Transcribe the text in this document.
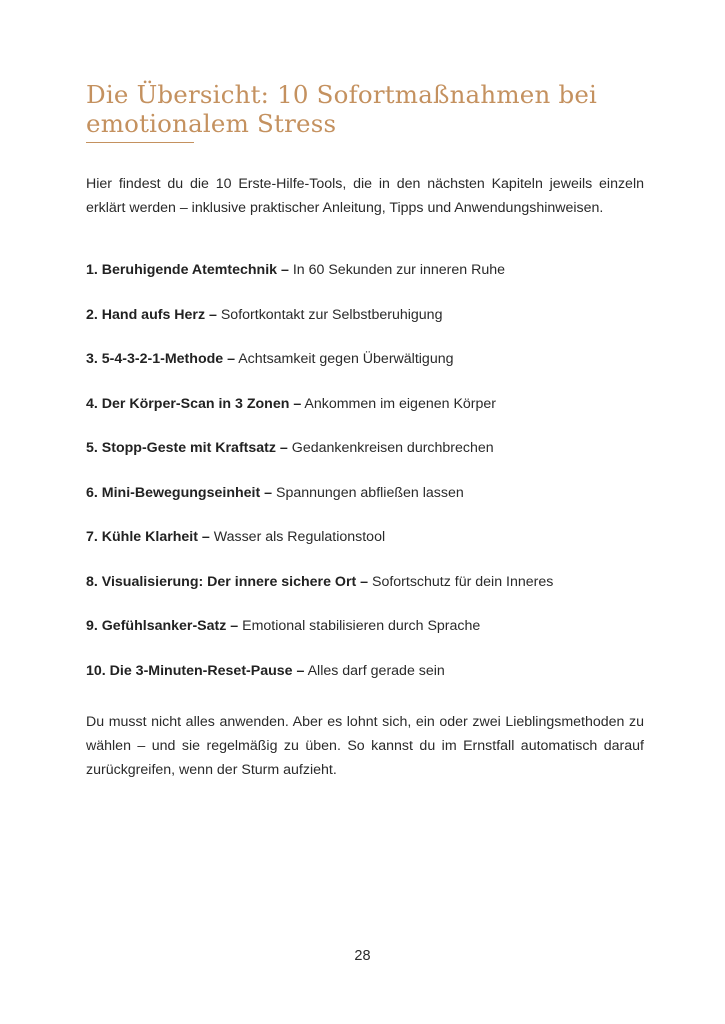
Die Übersicht: 10 Sofortmaßnahmen bei emotionalem Stress

Hier findest du die 10 Erste-Hilfe-Tools, die in den nächsten Kapiteln jeweils einzeln erklärt werden – inklusive praktischer Anleitung, Tipps und Anwendungshinweisen.

1. Beruhigende Atemtechnik – In 60 Sekunden zur inneren Ruhe
2. Hand aufs Herz – Sofortkontakt zur Selbstberuhigung
3. 5-4-3-2-1-Methode – Achtsamkeit gegen Überwältigung
4. Der Körper-Scan in 3 Zonen – Ankommen im eigenen Körper
5. Stopp-Geste mit Kraftsatz – Gedankenkreisen durchbrechen
6. Mini-Bewegungseinheit – Spannungen abfließen lassen
7. Kühle Klarheit – Wasser als Regulationstool
8. Visualisierung: Der innere sichere Ort – Sofortschutz für dein Inneres
9. Gefühlsanker-Satz – Emotional stabilisieren durch Sprache
10. Die 3-Minuten-Reset-Pause – Alles darf gerade sein

Du musst nicht alles anwenden. Aber es lohnt sich, ein oder zwei Lieblingsmethoden zu wählen – und sie regelmäßig zu üben. So kannst du im Ernstfall automatisch darauf zurückgreifen, wenn der Sturm aufzieht.

28
